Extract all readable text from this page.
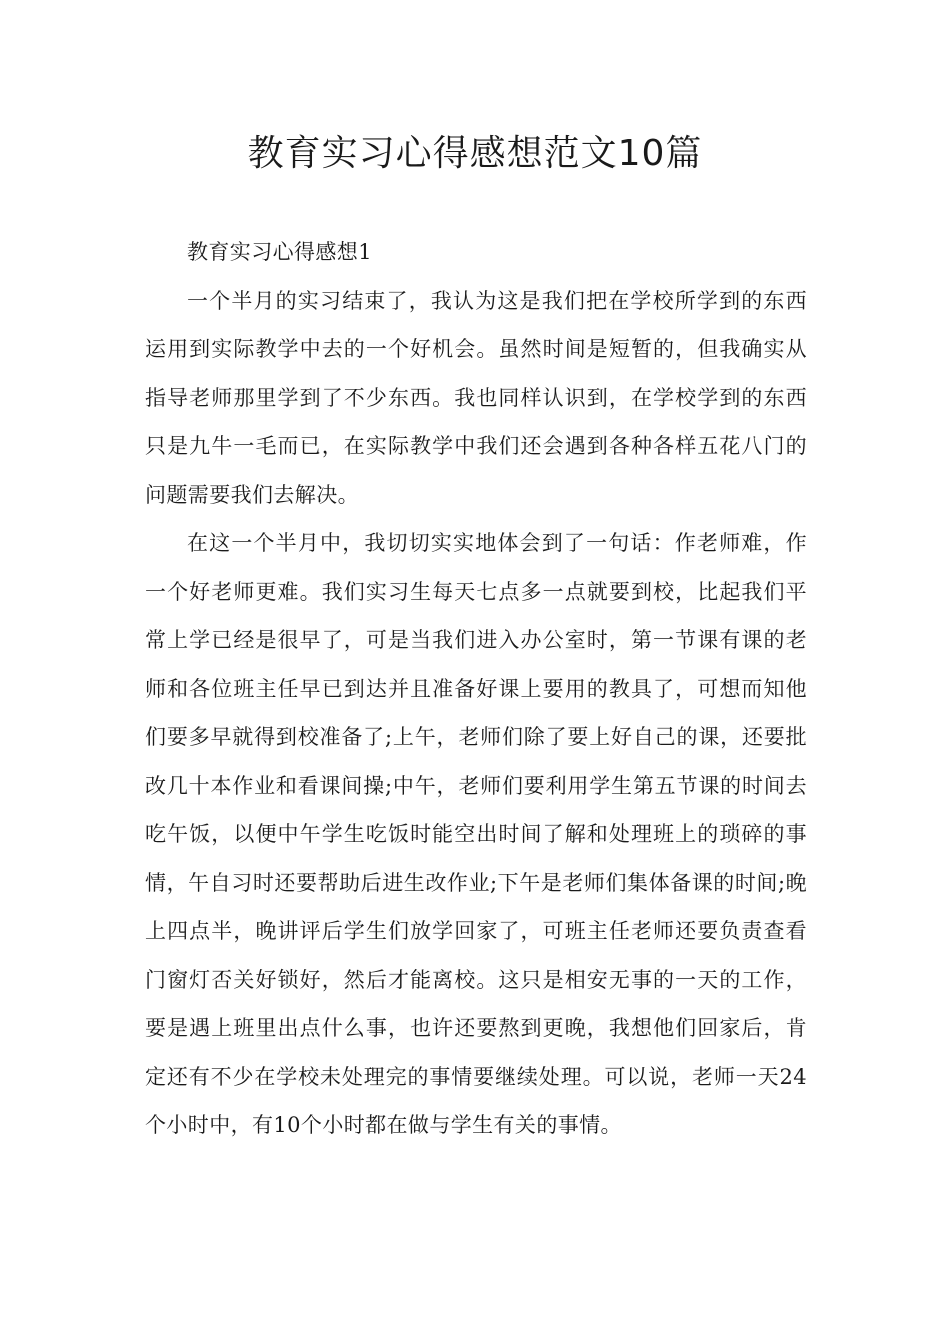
教育实习心得感想范文10篇

教育实习心得感想1

一个半月的实习结束了，我认为这是我们把在学校所学到的东西运用到实际教学中去的一个好机会。虽然时间是短暂的，但我确实从指导老师那里学到了不少东西。我也同样认识到，在学校学到的东西只是九牛一毛而已，在实际教学中我们还会遇到各种各样五花八门的问题需要我们去解决。

在这一个半月中，我切切实实地体会到了一句话：作老师难，作一个好老师更难。我们实习生每天七点多一点就要到校，比起我们平常上学已经是很早了，可是当我们进入办公室时，第一节课有课的老师和各位班主任早已到达并且准备好课上要用的教具了，可想而知他们要多早就得到校准备了;上午，老师们除了要上好自己的课，还要批改几十本作业和看课间操;中午，老师们要利用学生第五节课的时间去吃午饭，以便中午学生吃饭时能空出时间了解和处理班上的琐碎的事情，午自习时还要帮助后进生改作业;下午是老师们集体备课的时间;晚上四点半，晚讲评后学生们放学回家了，可班主任老师还要负责查看门窗灯否关好锁好，然后才能离校。这只是相安无事的一天的工作，要是遇上班里出点什么事，也许还要熬到更晚，我想他们回家后，肯定还有不少在学校未处理完的事情要继续处理。可以说，老师一天24个小时中，有10个小时都在做与学生有关的事情。
